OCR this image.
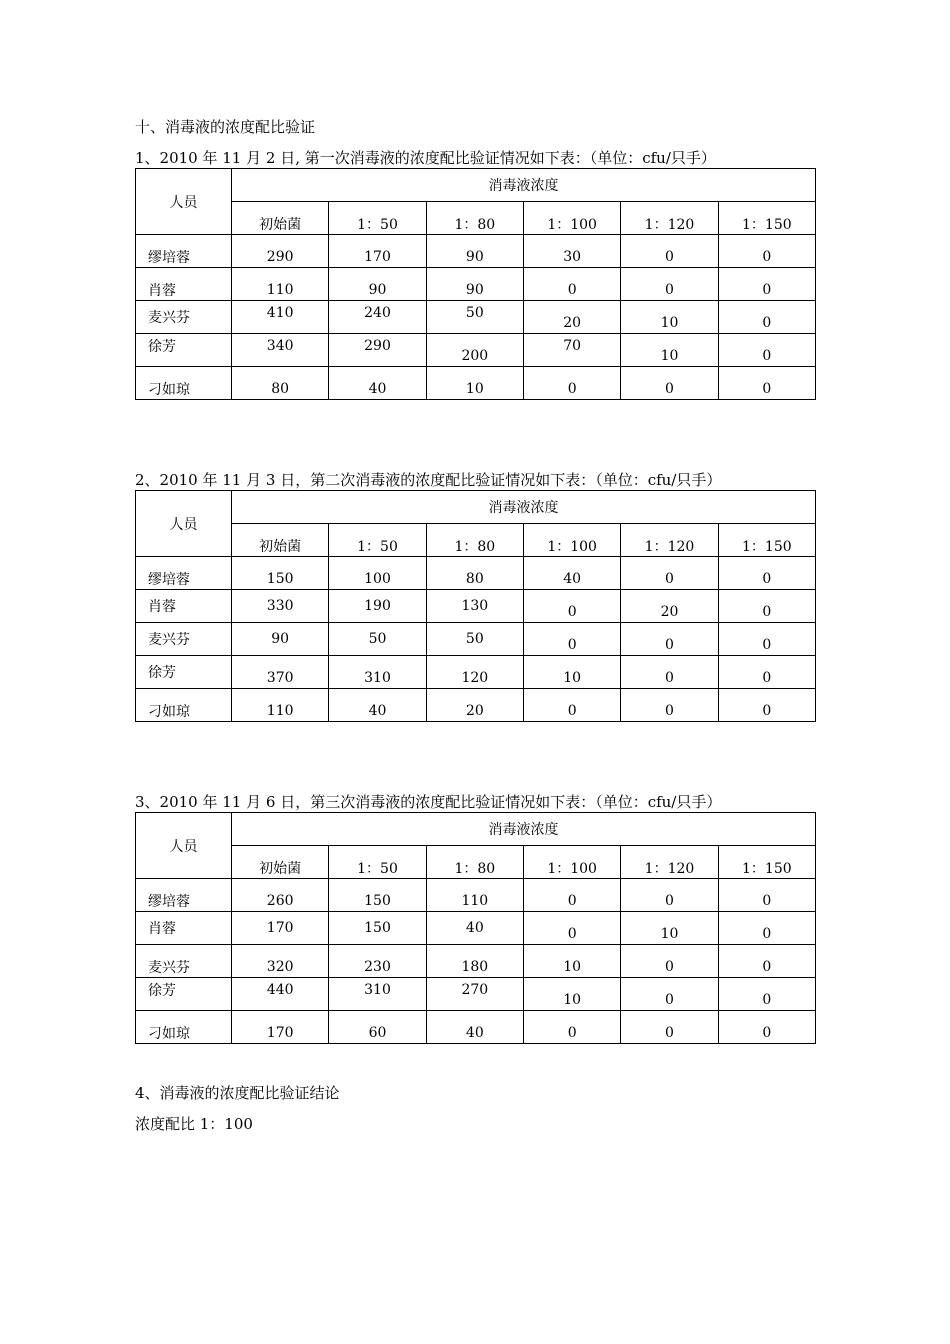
十、消毒液的浓度配比验证
1、2010 年 11 月 2 日, 第一次消毒液的浓度配比验证情况如下表：（单位：cfu/只手）
人员	消毒液浓度					
	初始菌	1：50	1：80	1：100	1：120	1：150
缪培蓉	290	170	90	30	0	0
肖蓉	110	90	90	0	0	0
麦兴芬	410	240	50	20	10	0
徐芳	340	290	200	70	10	0
刁如琼	80	40	10	0	0	0
2、2010 年 11 月 3 日，第二次消毒液的浓度配比验证情况如下表：（单位：cfu/只手）
人员	消毒液浓度					
	初始菌	1：50	1：80	1：100	1：120	1：150
缪培蓉	150	100	80	40	0	0
肖蓉	330	190	130	0	20	0
麦兴芬	90	50	50	0	0	0
徐芳	370	310	120	10	0	0
刁如琼	110	40	20	0	0	0
3、2010 年 11 月 6 日，第三次消毒液的浓度配比验证情况如下表：（单位：cfu/只手）
人员	消毒液浓度					
	初始菌	1：50	1：80	1：100	1：120	1：150
缪培蓉	260	150	110	0	0	0
肖蓉	170	150	40	0	10	0
麦兴芬	320	230	180	10	0	0
徐芳	440	310	270	10	0	0
刁如琼	170	60	40	0	0	0
4、消毒液的浓度配比验证结论
浓度配比 1：100
